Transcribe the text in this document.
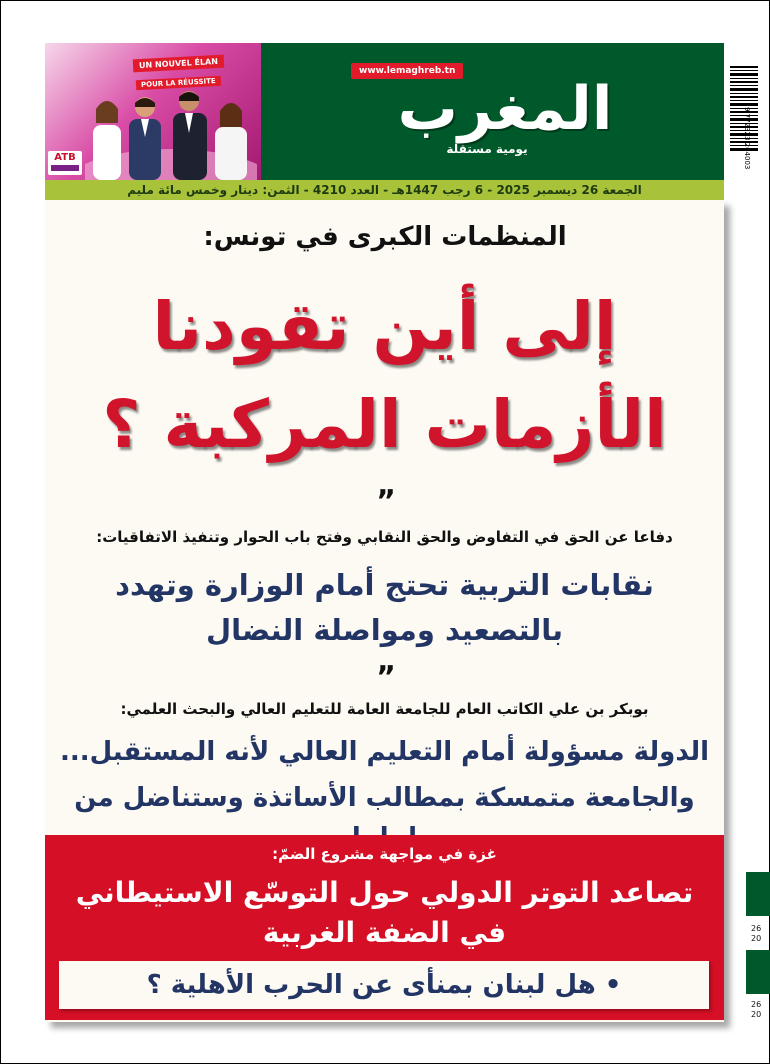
UN NOUVEL ÉLAN
POUR LA RÉUSSITE
ATB
www.lemaghreb.tn
المغرب
يومية مستقلة
الجمعة 26 ديسمبر 2025 - 6 رجب 1447هـ - العدد 4210 - الثمن: دينار وخمس مائة مليم
9 772323 264003
المنظمات الكبرى في تونس:
إلى أين تقودنا
الأزمات المركبة ؟
”
دفاعا عن الحق في التفاوض والحق النقابي وفتح باب الحوار وتنفيذ الاتفاقيات:
نقابات التربية تحتج أمام الوزارة وتهدد
بالتصعيد ومواصلة النضال
”
بوبكر بن علي الكاتب العام للجامعة العامة للتعليم العالي والبحث العلمي:
الدولة مسؤولة أمام التعليم العالي لأنه المستقبل...
والجامعة متمسكة بمطالب الأساتذة وستناضل من
غزة في مواجهة مشروع الضمّ:
تصاعد التوتر الدولي حول التوسّع الاستيطاني
في الضفة الغربية
• هل لبنان بمنأى عن الحرب الأهلية ؟
26
20
26
20
